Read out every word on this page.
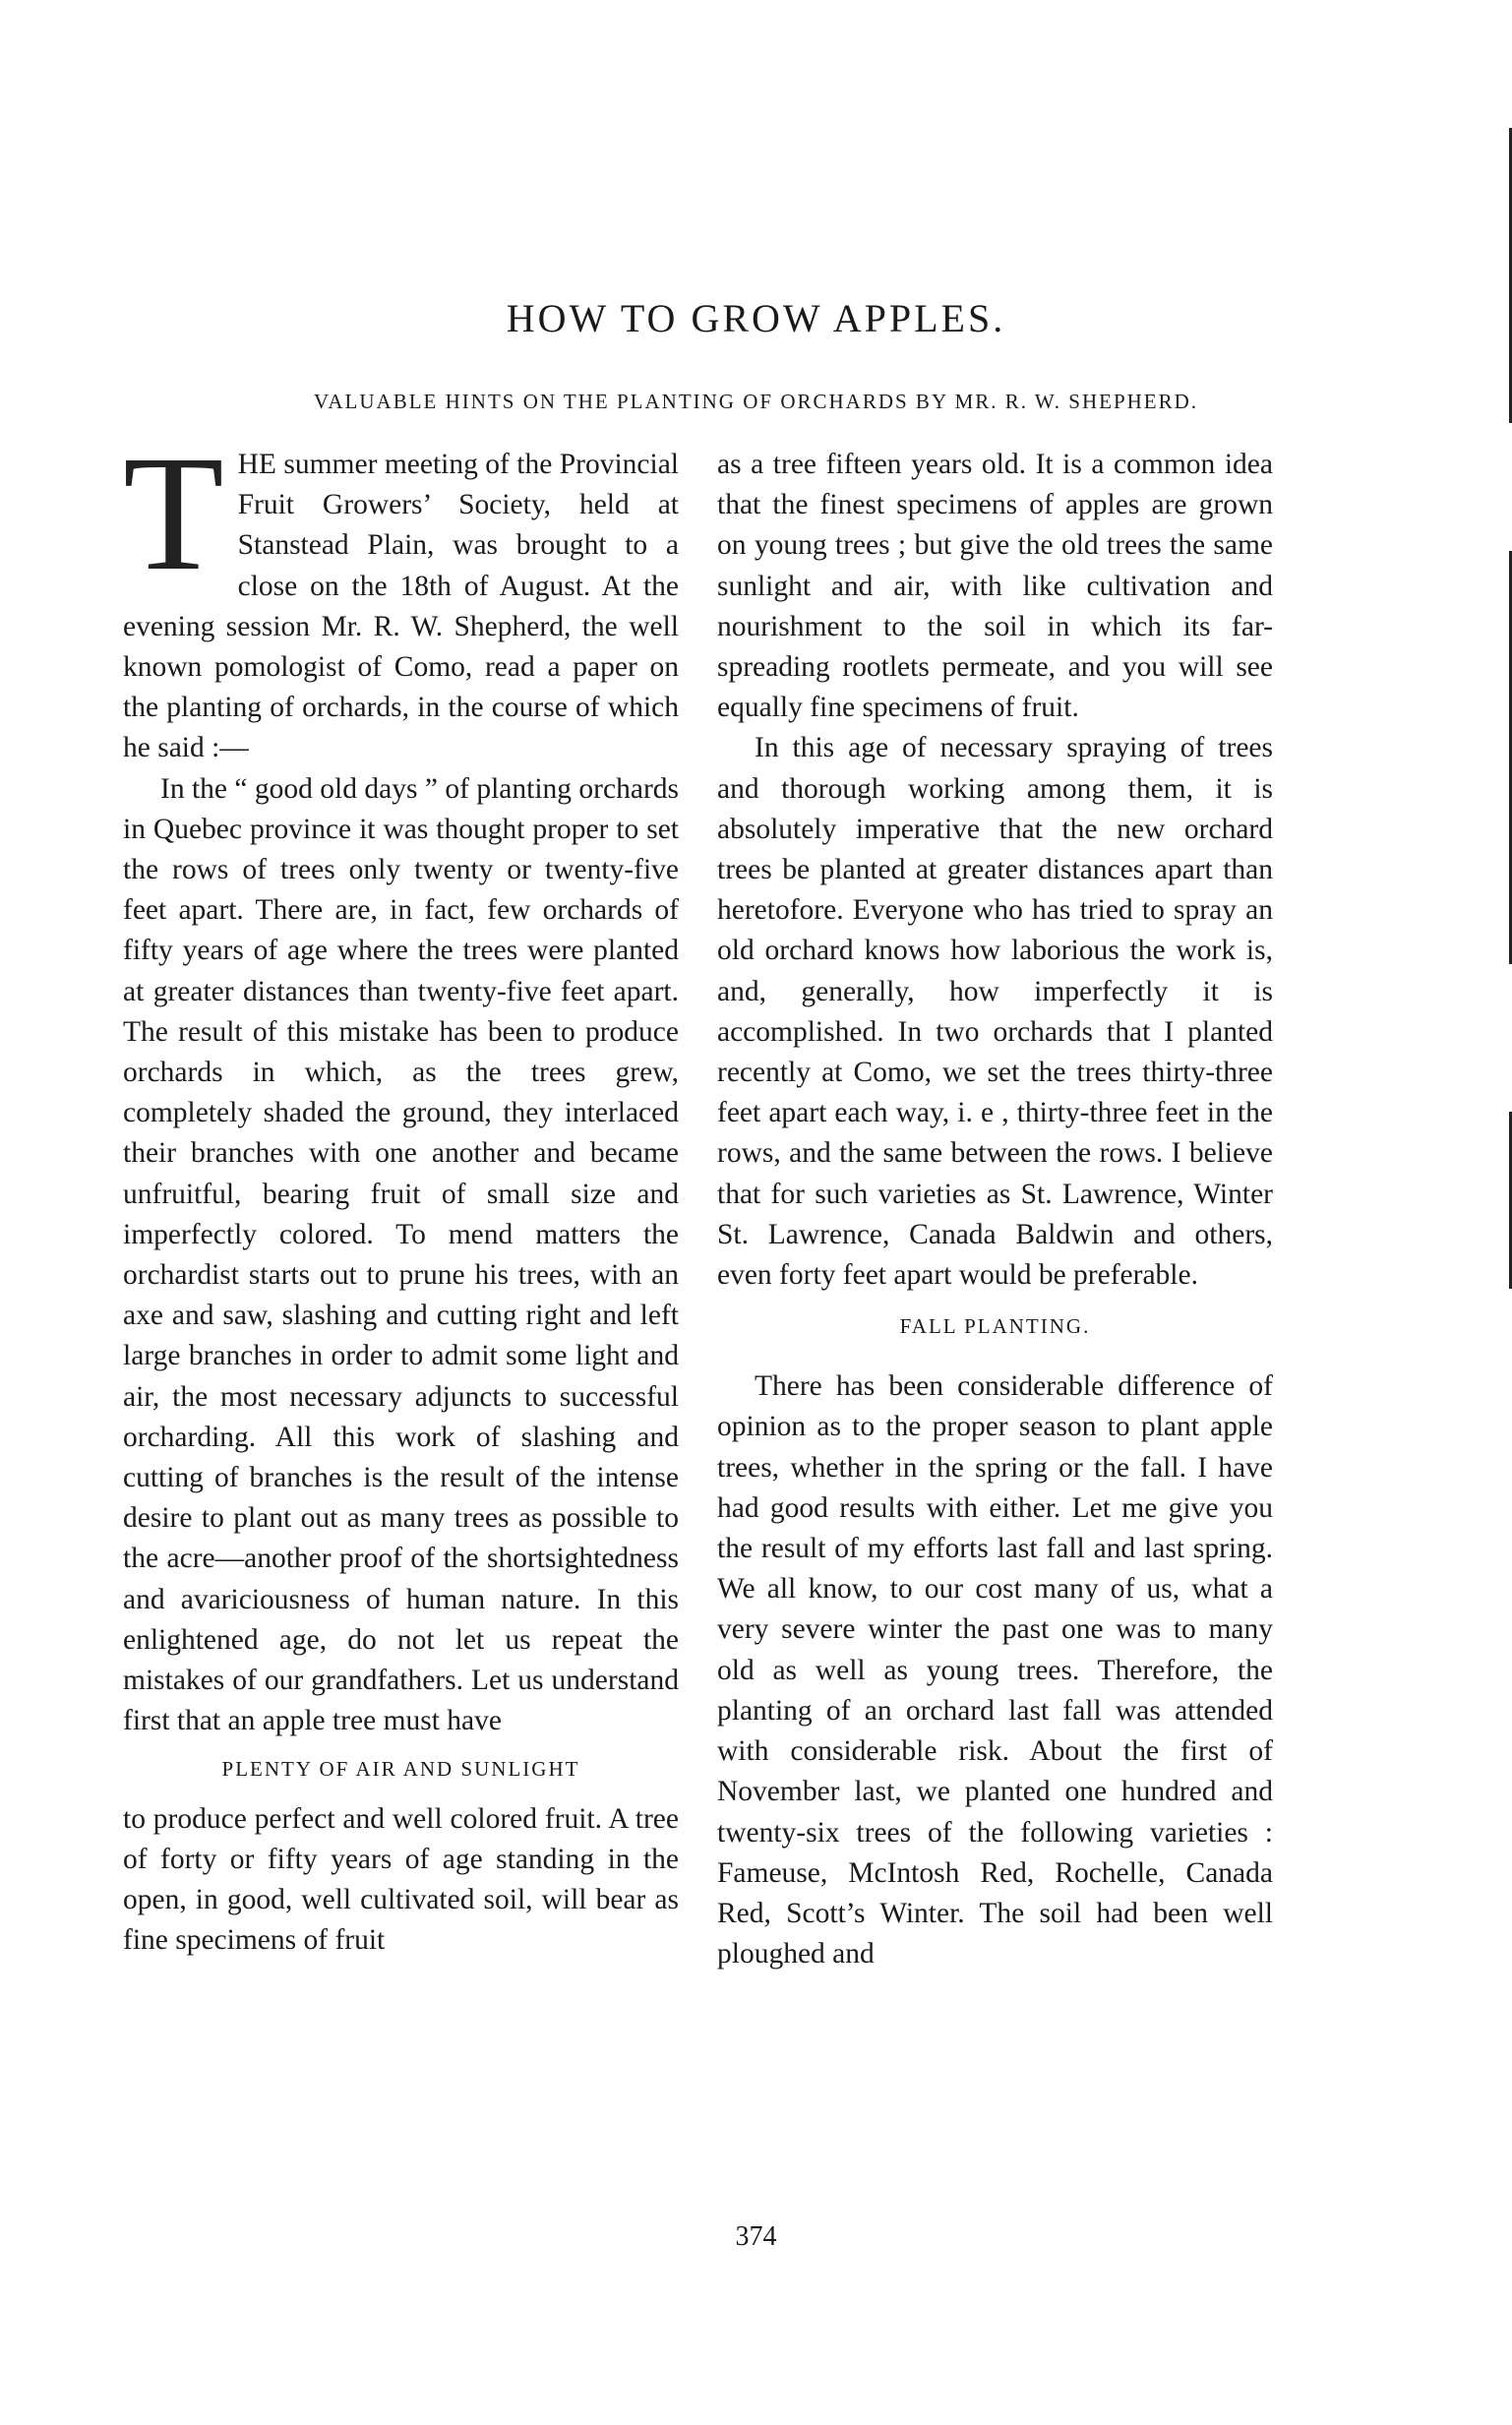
HOW TO GROW APPLES.
VALUABLE HINTS ON THE PLANTING OF ORCHARDS BY MR. R. W. SHEPHERD.

THE summer meeting of the Provincial Fruit Growers’ Society, held at Stanstead Plain, was brought to a close on the 18th of August. At the evening session Mr. R. W. Shepherd, the well known pomologist of Como, read a paper on the planting of orchards, in the course of which he said :—

In the “ good old days ” of planting orchards in Quebec province it was thought proper to set the rows of trees only twenty or twenty-five feet apart. There are, in fact, few orchards of fifty years of age where the trees were planted at greater distances than twenty-five feet apart. The result of this mistake has been to produce orchards in which, as the trees grew, completely shaded the ground, they interlaced their branches with one another and became unfruitful, bearing fruit of small size and imperfectly colored. To mend matters the orchardist starts out to prune his trees, with an axe and saw, slashing and cutting right and left large branches in order to admit some light and air, the most necessary adjuncts to successful orcharding. All this work of slashing and cutting of branches is the result of the intense desire to plant out as many trees as possible to the acre—another proof of the shortsightedness and avariciousness of human nature. In this enlightened age, do not let us repeat the mistakes of our grandfathers. Let us understand first that an apple tree must have

PLENTY OF AIR AND SUNLIGHT

to produce perfect and well colored fruit. A tree of forty or fifty years of age standing in the open, in good, well cultivated soil, will bear as fine specimens of fruit

as a tree fifteen years old. It is a common idea that the finest specimens of apples are grown on young trees ; but give the old trees the same sunlight and air, with like cultivation and nourishment to the soil in which its far-spreading rootlets permeate, and you will see equally fine specimens of fruit.

In this age of necessary spraying of trees and thorough working among them, it is absolutely imperative that the new orchard trees be planted at greater distances apart than heretofore. Everyone who has tried to spray an old orchard knows how laborious the work is, and, generally, how imperfectly it is accomplished. In two orchards that I planted recently at Como, we set the trees thirty-three feet apart each way, i. e , thirty-three feet in the rows, and the same between the rows. I believe that for such varieties as St. Lawrence, Winter St. Lawrence, Canada Baldwin and others, even forty feet apart would be preferable.

FALL PLANTING.

There has been considerable difference of opinion as to the proper season to plant apple trees, whether in the spring or the fall. I have had good results with either. Let me give you the result of my efforts last fall and last spring. We all know, to our cost many of us, what a very severe winter the past one was to many old as well as young trees. Therefore, the planting of an orchard last fall was attended with considerable risk. About the first of November last, we planted one hundred and twenty-six trees of the following varieties : Fameuse, McIntosh Red, Rochelle, Canada Red, Scott’s Winter. The soil had been well ploughed and

374
